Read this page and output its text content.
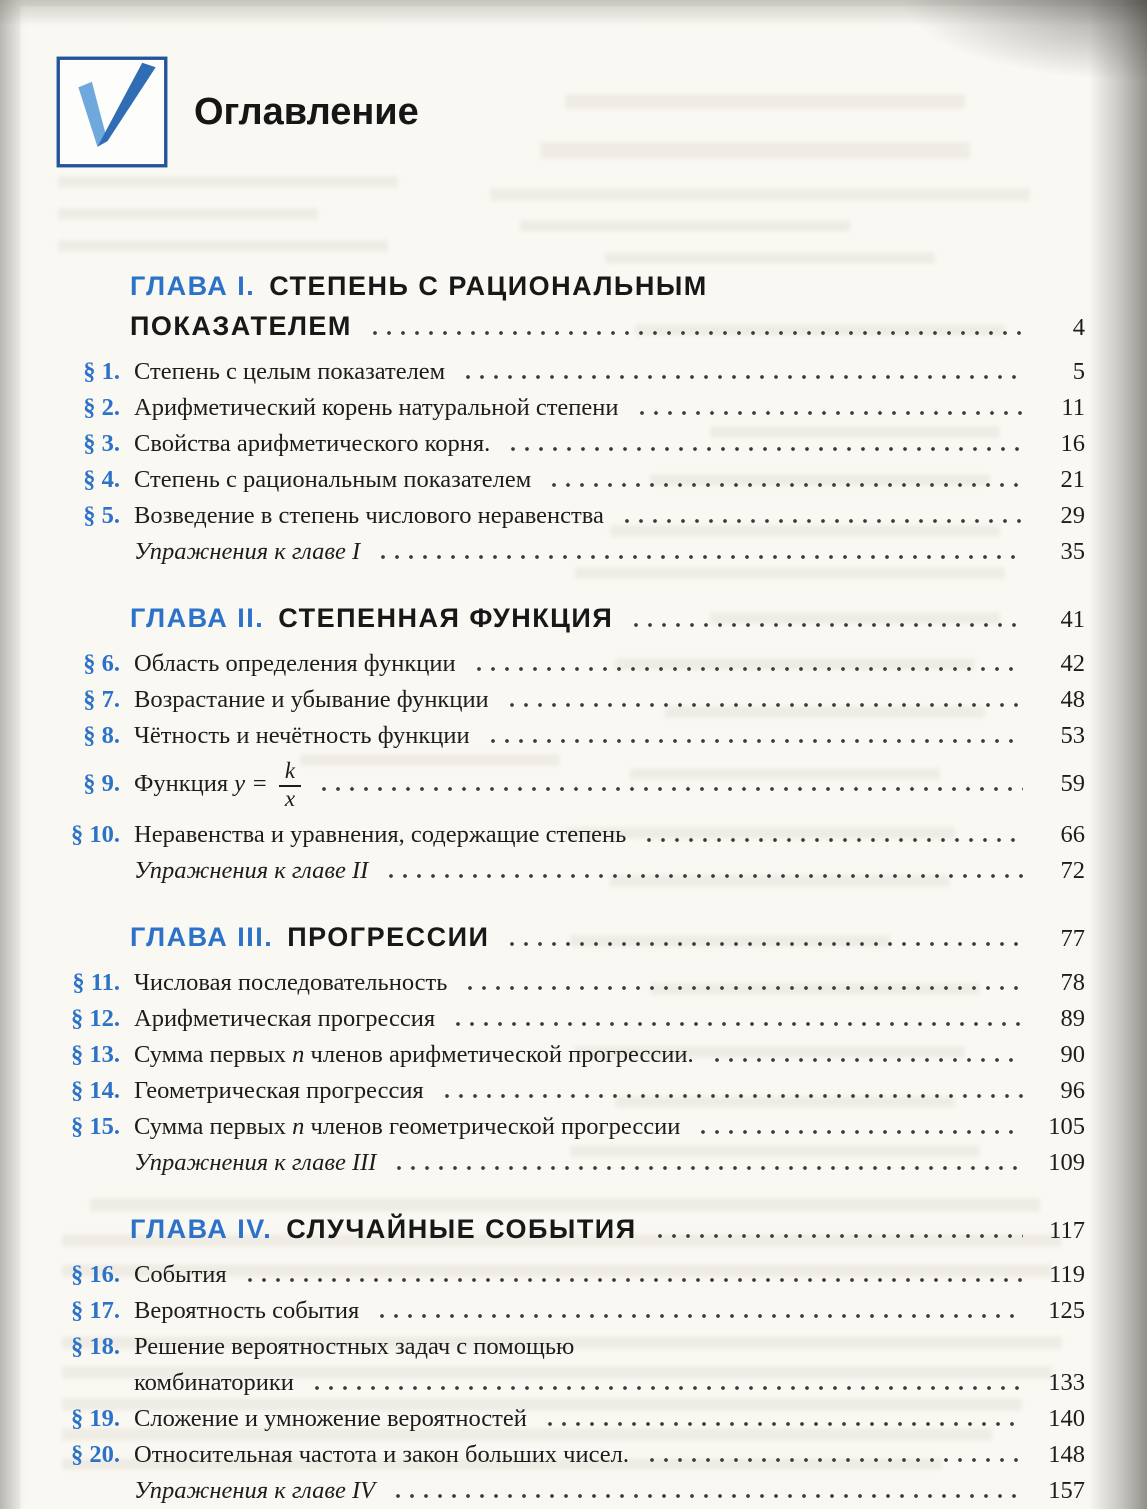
Оглавление
ГЛАВА I. СТЕПЕНЬ С РАЦИОНАЛЬНЫМ
ПОКАЗАТЕЛЕМ	4
§ 1. Степень с целым показателем	5
§ 2. Арифметический корень натуральной степени	11
§ 3. Свойства арифметического корня.	16
§ 4. Степень с рациональным показателем	21
§ 5. Возведение в степень числового неравенства	29
Упражнения к главе I	35
ГЛАВА II. СТЕПЕННАЯ ФУНКЦИЯ	41
§ 6. Область определения функции	42
§ 7. Возрастание и убывание функции	48
§ 8. Чётность и нечётность функции	53
§ 9. Функция $y = \frac{k}{x}$	59
§ 10. Неравенства и уравнения, содержащие степень	66
Упражнения к главе II	72
ГЛАВА III. ПРОГРЕССИИ	77
§ 11. Числовая последовательность	78
§ 12. Арифметическая прогрессия	89
§ 13. Сумма первых n членов арифметической прогрессии.	90
§ 14. Геометрическая прогрессия	96
§ 15. Сумма первых n членов геометрической прогрессии	105
Упражнения к главе III	109
ГЛАВА IV. СЛУЧАЙНЫЕ СОБЫТИЯ	117
§ 16. События	119
§ 17. Вероятность события	125
§ 18. Решение вероятностных задач с помощью
комбинаторики	133
§ 19. Сложение и умножение вероятностей	140
§ 20. Относительная частота и закон больших чисел.	148
Упражнения к главе IV	157
